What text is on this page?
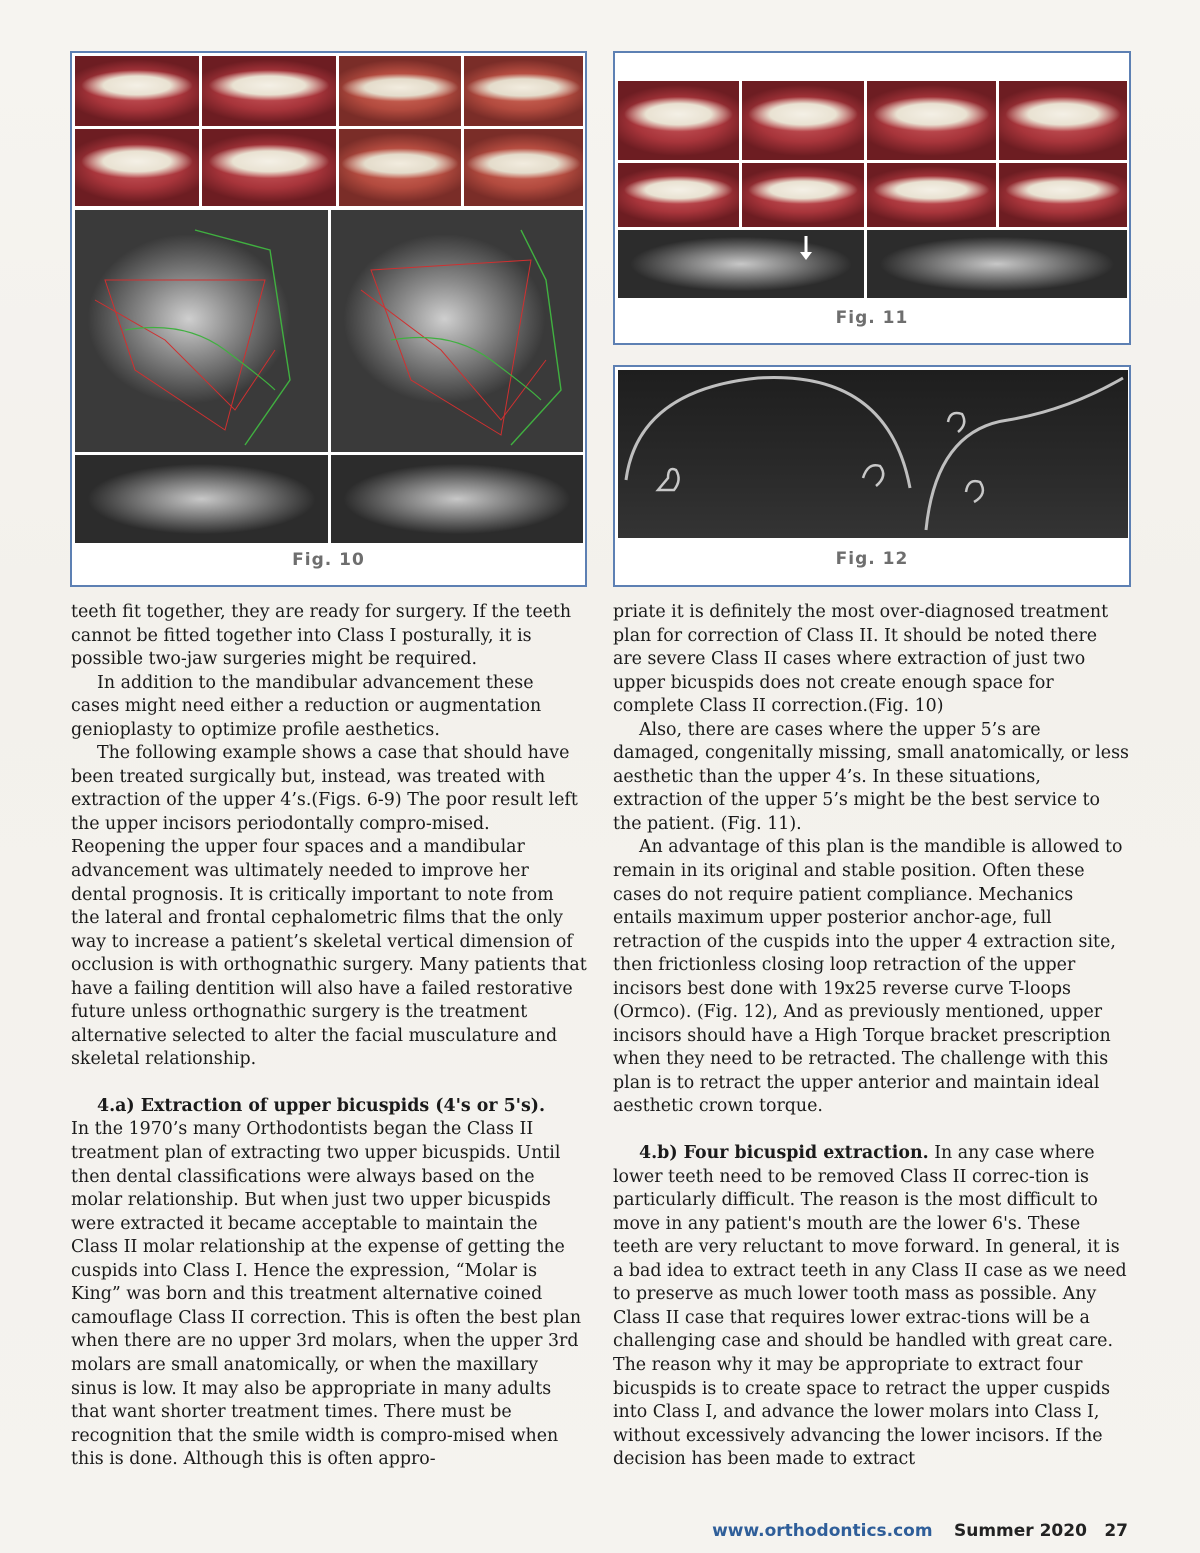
Fig. 10
Fig. 11
Fig. 12

teeth fit together, they are ready for surgery. If the teeth cannot be fitted together into Class I posturally, it is possible two-jaw surgeries might be required.

In addition to the mandibular advancement these cases might need either a reduction or augmentation genioplasty to optimize profile aesthetics.

The following example shows a case that should have been treated surgically but, instead, was treated with extraction of the upper 4’s.(Figs. 6-9) The poor result left the upper incisors periodontally compro-mised. Reopening the upper four spaces and a mandibular advancement was ultimately needed to improve her dental prognosis. It is critically important to note from the lateral and frontal cephalometric films that the only way to increase a patient’s skeletal vertical dimension of occlusion is with orthognathic surgery. Many patients that have a failing dentition will also have a failed restorative future unless orthognathic surgery is the treatment alternative selected to alter the facial musculature and skeletal relationship.

4.a) Extraction of upper bicuspids (4's or 5's).

In the 1970’s many Orthodontists began the Class II treatment plan of extracting two upper bicuspids. Until then dental classifications were always based on the molar relationship. But when just two upper bicuspids were extracted it became acceptable to maintain the Class II molar relationship at the expense of getting the cuspids into Class I. Hence the expression, “Molar is King” was born and this treatment alternative coined camouflage Class II correction. This is often the best plan when there are no upper 3rd molars, when the upper 3rd molars are small anatomically, or when the maxillary sinus is low. It may also be appropriate in many adults that want shorter treatment times. There must be recognition that the smile width is compro-mised when this is done. Although this is often appro-

priate it is definitely the most over-diagnosed treatment plan for correction of Class II. It should be noted there are severe Class II cases where extraction of just two upper bicuspids does not create enough space for complete Class II correction.(Fig. 10)

Also, there are cases where the upper 5’s are damaged, congenitally missing, small anatomically, or less aesthetic than the upper 4’s. In these situations, extraction of the upper 5’s might be the best service to the patient. (Fig. 11).

An advantage of this plan is the mandible is allowed to remain in its original and stable position. Often these cases do not require patient compliance. Mechanics entails maximum upper posterior anchor-age, full retraction of the cuspids into the upper 4 extraction site, then frictionless closing loop retraction of the upper incisors best done with 19x25 reverse curve T-loops (Ormco). (Fig. 12), And as previously mentioned, upper incisors should have a High Torque bracket prescription when they need to be retracted. The challenge with this plan is to retract the upper anterior and maintain ideal aesthetic crown torque.

4.b) Four bicuspid extraction. In any case where lower teeth need to be removed Class II correc-tion is particularly difficult. The reason is the most difficult to move in any patient's mouth are the lower 6's. These teeth are very reluctant to move forward. In general, it is a bad idea to extract teeth in any Class II case as we need to preserve as much lower tooth mass as possible. Any Class II case that requires lower extrac-tions will be a challenging case and should be handled with great care. The reason why it may be appropriate to extract four bicuspids is to create space to retract the upper cuspids into Class I, and advance the lower molars into Class I, without excessively advancing the lower incisors. If the decision has been made to extract

www.orthodontics.com Summer 2020 27
